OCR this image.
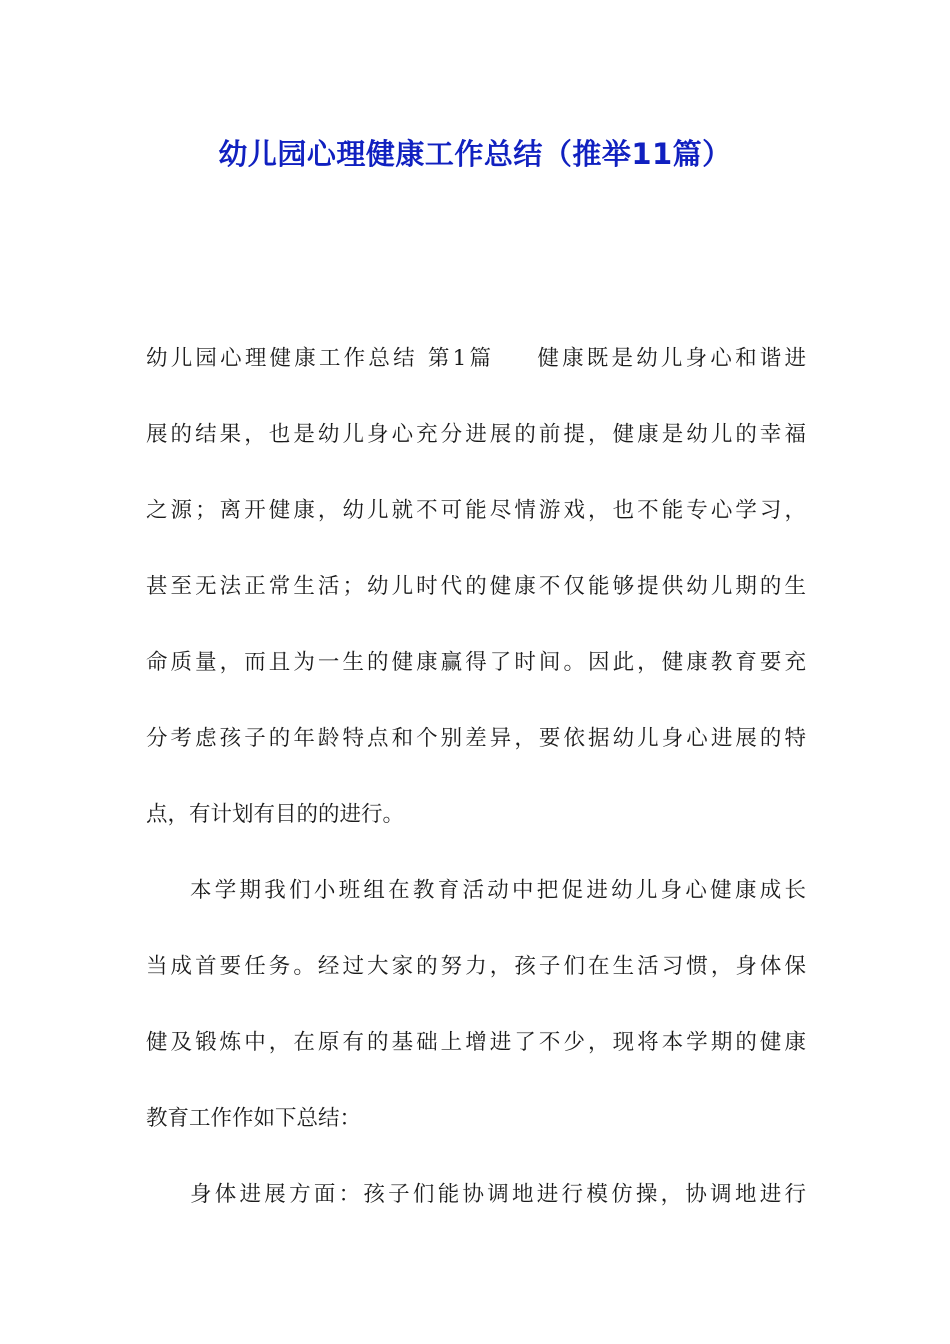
幼儿园心理健康工作总结（推举11篇）
幼儿园心理健康工作总结 第1篇 健康既是幼儿身心和谐进
展的结果，也是幼儿身心充分进展的前提，健康是幼儿的幸福
之源；离开健康，幼儿就不可能尽情游戏，也不能专心学习，
甚至无法正常生活；幼儿时代的健康不仅能够提供幼儿期的生
命质量，而且为一生的健康赢得了时间。因此，健康教育要充
分考虑孩子的年龄特点和个别差异，要依据幼儿身心进展的特
点，有计划有目的的进行。
本学期我们小班组在教育活动中把促进幼儿身心健康成长
当成首要任务。经过大家的努力，孩子们在生活习惯，身体保
健及锻炼中，在原有的基础上增进了不少，现将本学期的健康
教育工作作如下总结：
身体进展方面：孩子们能协调地进行模仿操，协调地进行
